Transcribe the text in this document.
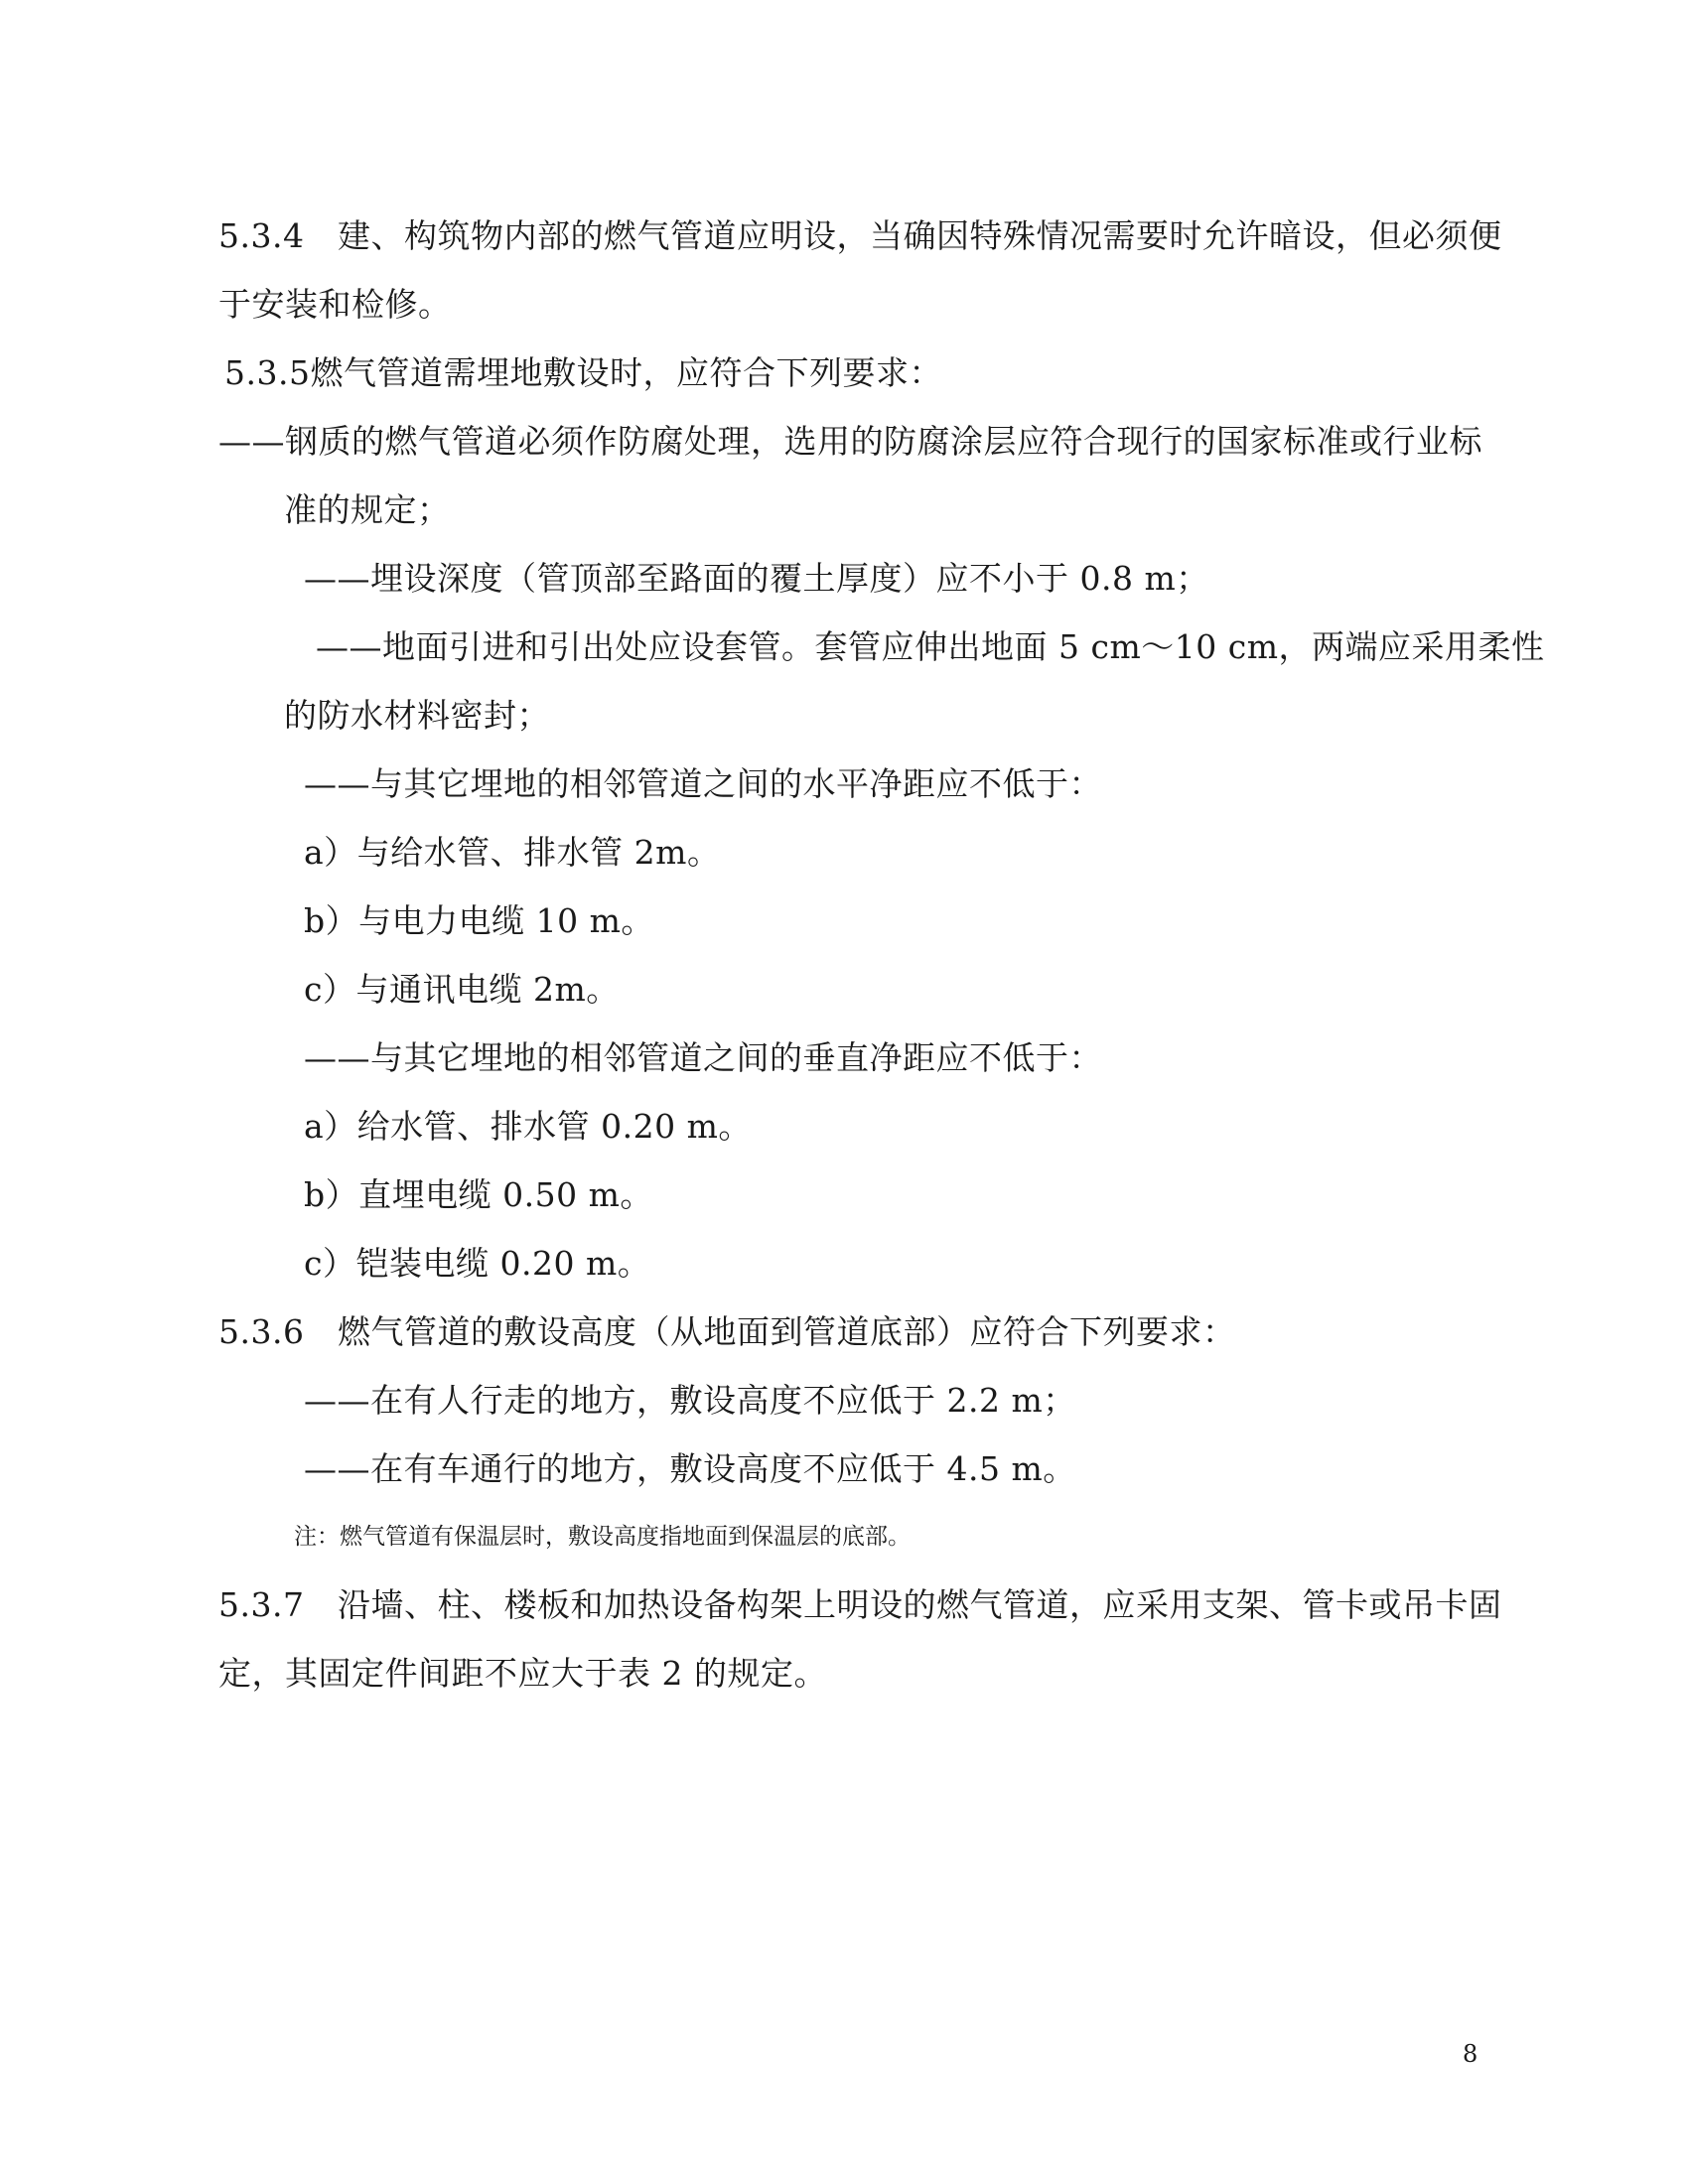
5.3.4　建、构筑物内部的燃气管道应明设，当确因特殊情况需要时允许暗设，但必须便
于安装和检修。
5.3.5燃气管道需埋地敷设时，应符合下列要求：
——钢质的燃气管道必须作防腐处理，选用的防腐涂层应符合现行的国家标准或行业标
准的规定；
——埋设深度（管顶部至路面的覆土厚度）应不小于 0.8 m；
——地面引进和引出处应设套管。套管应伸出地面 5 cm～10 cm，两端应采用柔性
的防水材料密封；
——与其它埋地的相邻管道之间的水平净距应不低于：
a）与给水管、排水管 2m。
b）与电力电缆 10 m。
c）与通讯电缆 2m。
——与其它埋地的相邻管道之间的垂直净距应不低于：
a）给水管、排水管 0.20 m。
b）直埋电缆 0.50 m。
c）铠装电缆 0.20 m。
5.3.6　燃气管道的敷设高度（从地面到管道底部）应符合下列要求：
——在有人行走的地方，敷设高度不应低于 2.2 m；
——在有车通行的地方，敷设高度不应低于 4.5 m。
注：燃气管道有保温层时，敷设高度指地面到保温层的底部。
5.3.7　沿墙、柱、楼板和加热设备构架上明设的燃气管道，应采用支架、管卡或吊卡固
定，其固定件间距不应大于表 2 的规定。
8
